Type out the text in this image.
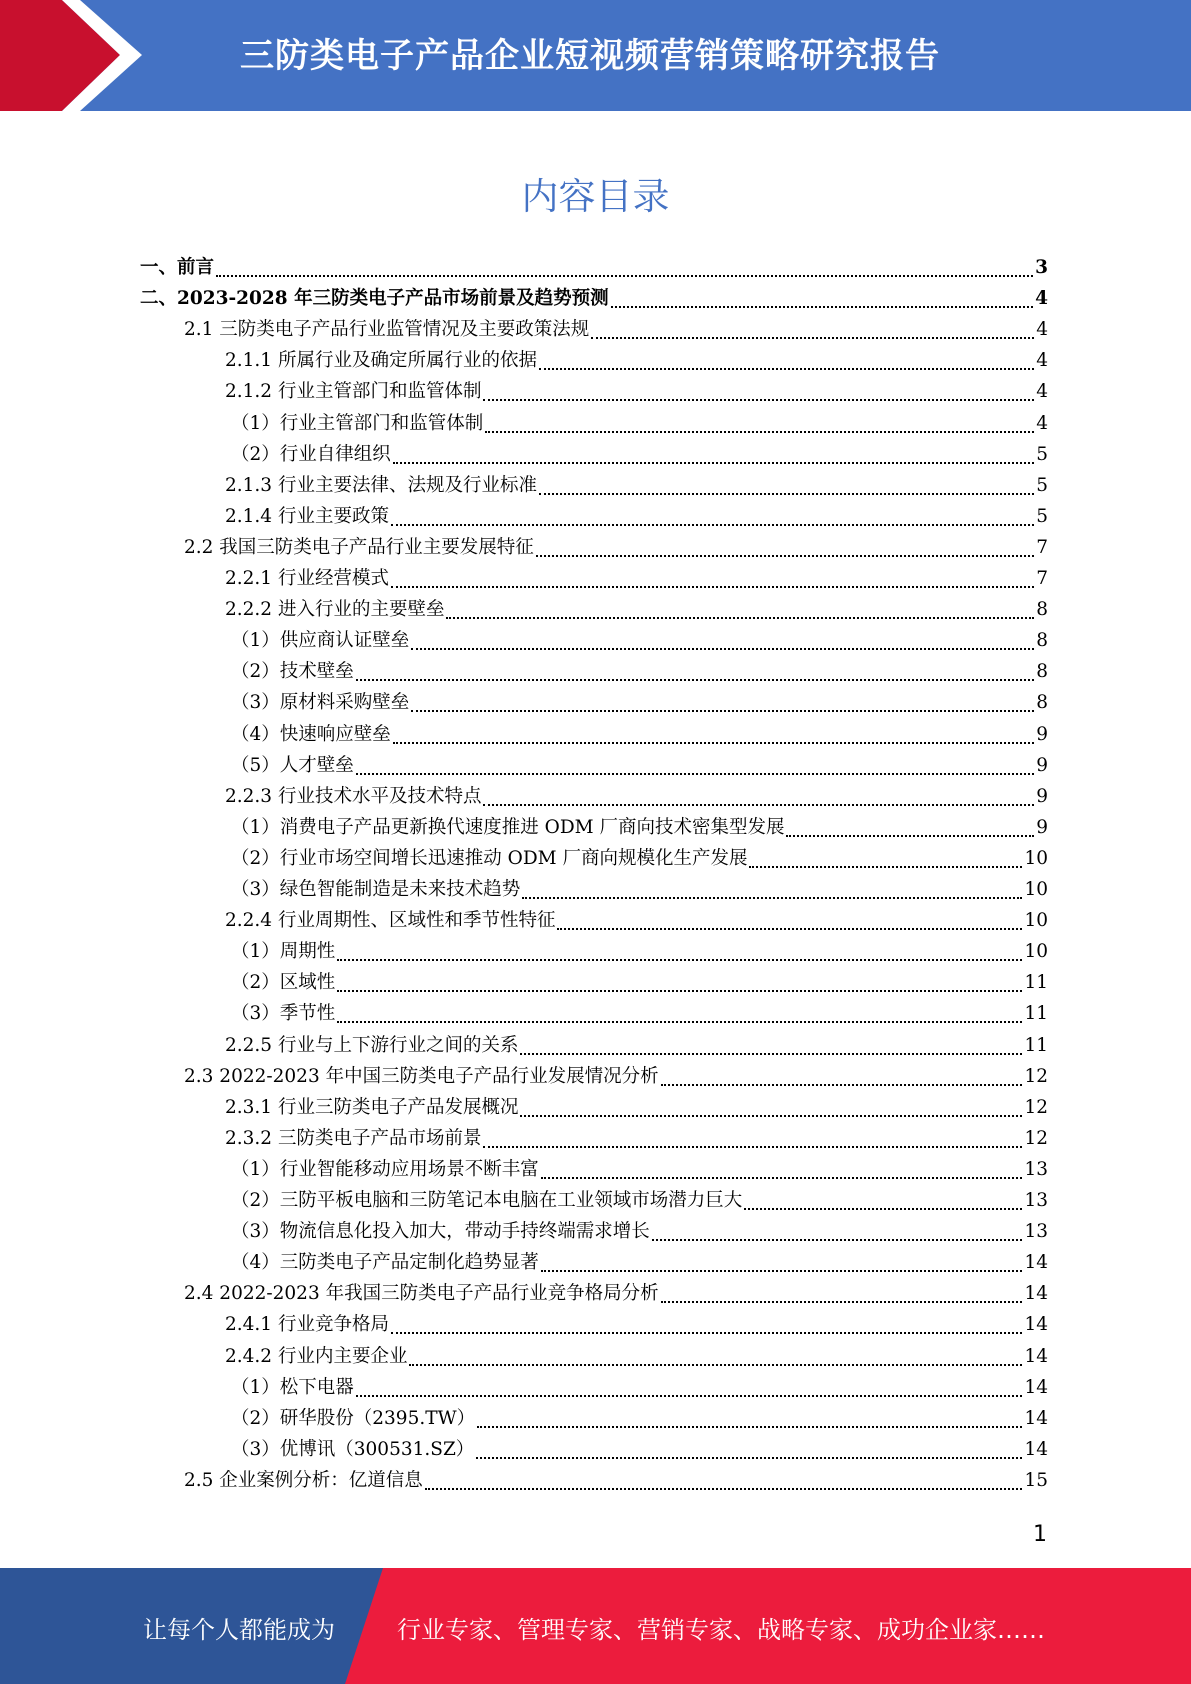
三防类电子产品企业短视频营销策略研究报告
内容目录
一、前言	3
二、2023-2028 年三防类电子产品市场前景及趋势预测	4
2.1 三防类电子产品行业监管情况及主要政策法规	4
2.1.1 所属行业及确定所属行业的依据	4
2.1.2 行业主管部门和监管体制	4
（1）行业主管部门和监管体制	4
（2）行业自律组织	5
2.1.3 行业主要法律、法规及行业标准	5
2.1.4 行业主要政策	5
2.2 我国三防类电子产品行业主要发展特征	7
2.2.1 行业经营模式	7
2.2.2 进入行业的主要壁垒	8
（1）供应商认证壁垒	8
（2）技术壁垒	8
（3）原材料采购壁垒	8
（4）快速响应壁垒	9
（5）人才壁垒	9
2.2.3 行业技术水平及技术特点	9
（1）消费电子产品更新换代速度推进 ODM 厂商向技术密集型发展	9
（2）行业市场空间增长迅速推动 ODM 厂商向规模化生产发展	10
（3）绿色智能制造是未来技术趋势	10
2.2.4 行业周期性、区域性和季节性特征	10
（1）周期性	10
（2）区域性	11
（3）季节性	11
2.2.5 行业与上下游行业之间的关系	11
2.3 2022-2023 年中国三防类电子产品行业发展情况分析	12
2.3.1 行业三防类电子产品发展概况	12
2.3.2 三防类电子产品市场前景	12
（1）行业智能移动应用场景不断丰富	13
（2）三防平板电脑和三防笔记本电脑在工业领域市场潜力巨大	13
（3）物流信息化投入加大，带动手持终端需求增长	13
（4）三防类电子产品定制化趋势显著	14
2.4 2022-2023 年我国三防类电子产品行业竞争格局分析	14
2.4.1 行业竞争格局	14
2.4.2 行业内主要企业	14
（1）松下电器	14
（2）研华股份（2395.TW）	14
（3）优博讯（300531.SZ）	14
2.5 企业案例分析：亿道信息	15
1
让每个人都能成为	行业专家、管理专家、营销专家、战略专家、成功企业家……
